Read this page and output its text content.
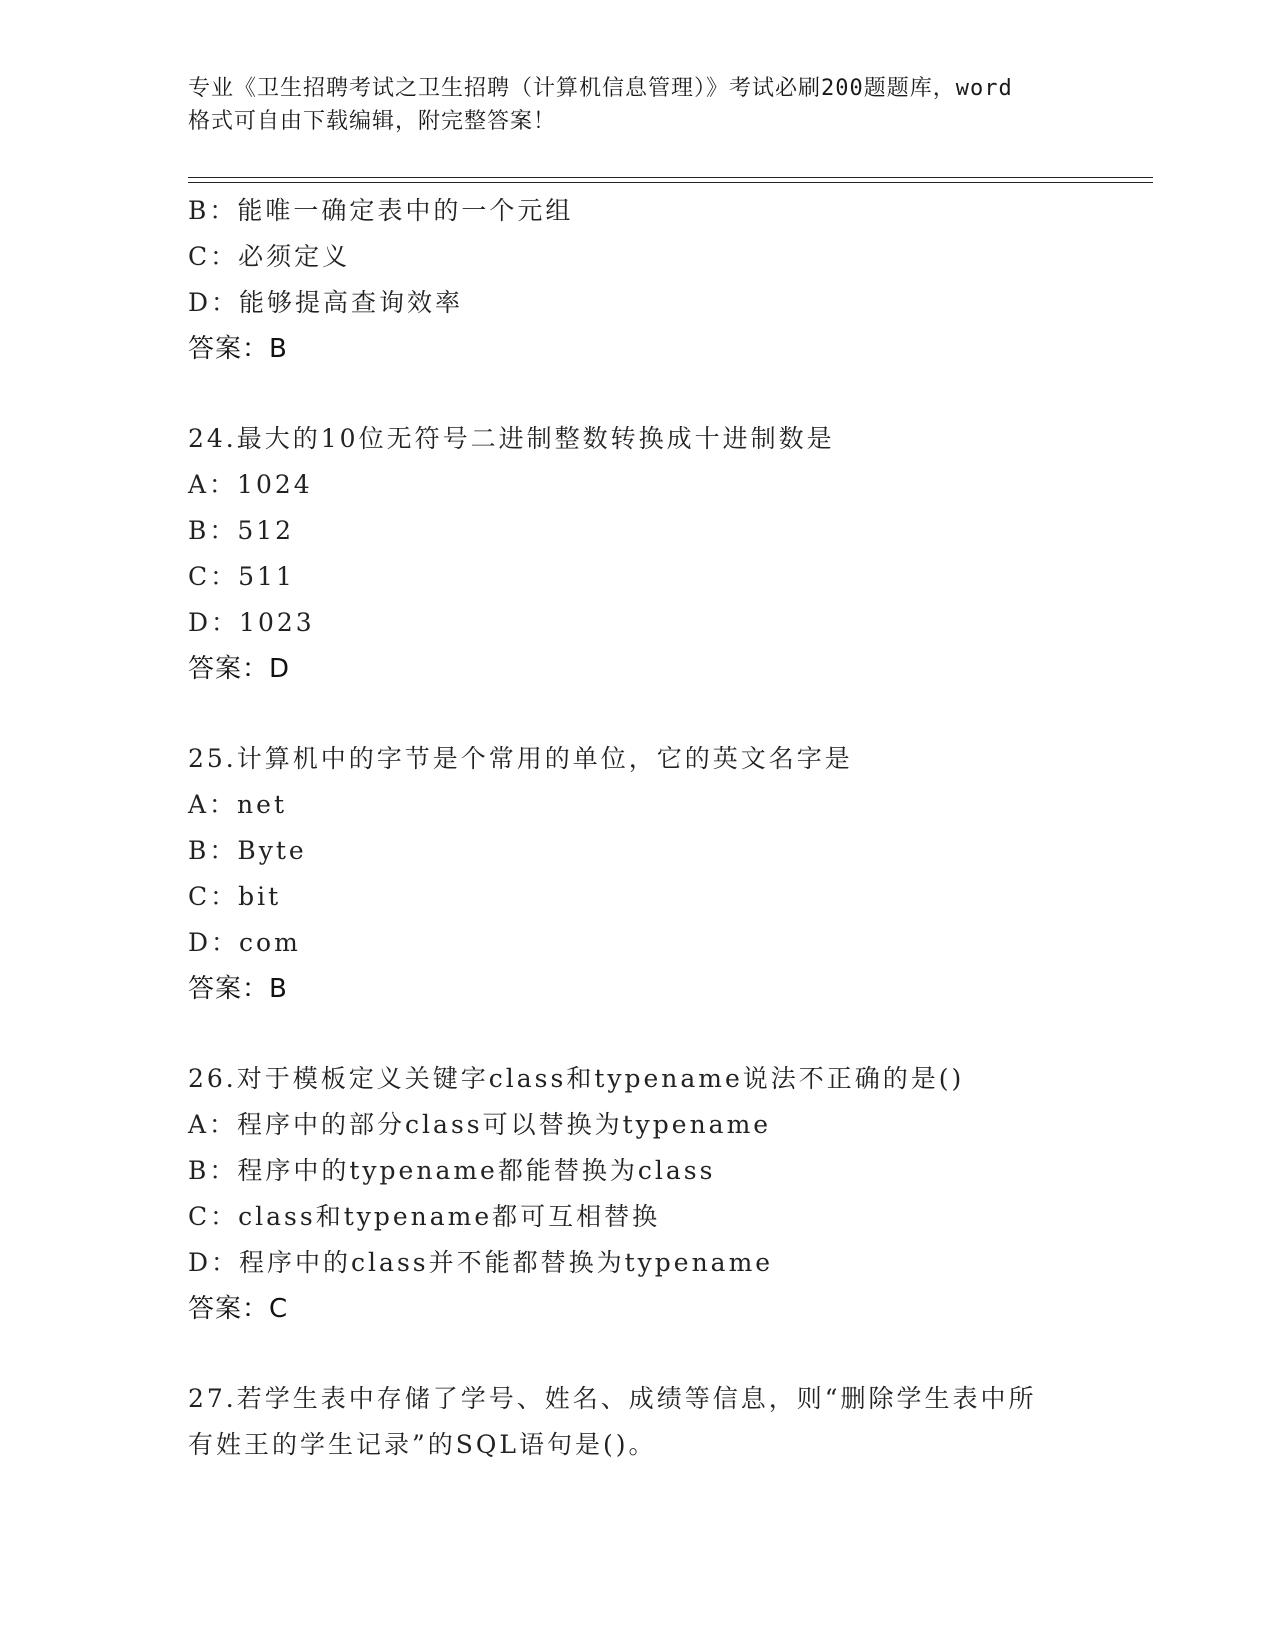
专业《卫生招聘考试之卫生招聘（计算机信息管理）》考试必刷200题题库，word
格式可自由下载编辑，附完整答案！
B：能唯一确定表中的一个元组
C：必须定义
D：能够提高查询效率
答案：B
24.最大的10位无符号二进制整数转换成十进制数是
A：1024
B：512
C：511
D：1023
答案：D
25.计算机中的字节是个常用的单位，它的英文名字是
A：net
B：Byte
C：bit
D：com
答案：B
26.对于模板定义关键字class和typename说法不正确的是()
A：程序中的部分class可以替换为typename
B：程序中的typename都能替换为class
C：class和typename都可互相替换
D：程序中的class并不能都替换为typename
答案：C
27.若学生表中存储了学号、姓名、成绩等信息，则“删除学生表中所
有姓王的学生记录”的SQL语句是()。
